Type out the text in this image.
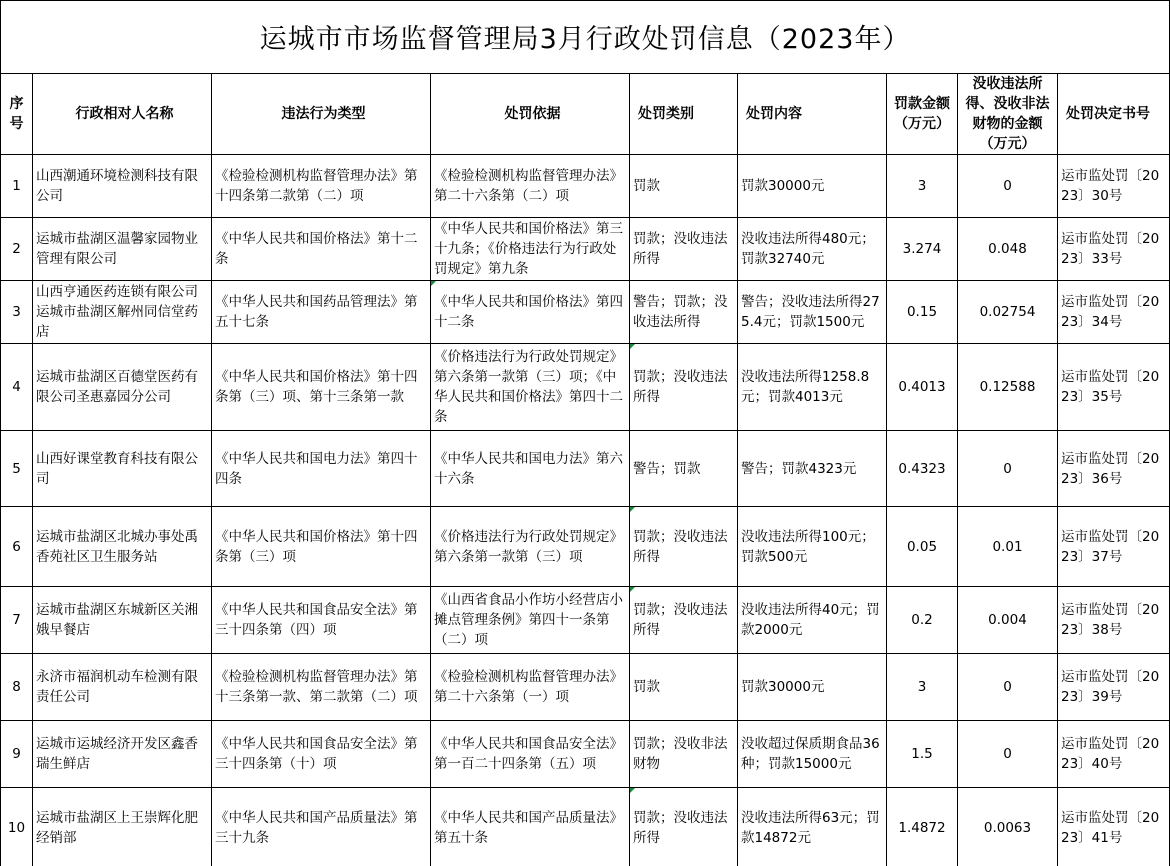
运城市市场监督管理局3月行政处罚信息（2023年）								
序号	行政相对人名称	违法行为类型	处罚依据	处罚类别	处罚内容	罚款金额（万元）	没收违法所得、没收非法财物的金额（万元）	处罚决定书号
1	山西潮通环境检测科技有限公司	《检验检测机构监督管理办法》第十四条第二款第（二）项	《检验检测机构监督管理办法》第二十六条第（二）项	罚款	罚款30000元	3	0	运市监处罚〔2023〕30号
2	运城市盐湖区温馨家园物业管理有限公司	《中华人民共和国价格法》第十二条	《中华人民共和国价格法》第三十九条；《价格违法行为行政处罚规定》第九条	罚款；没收违法所得	没收违法所得480元；罚款32740元	3.274	0.048	运市监处罚〔2023〕33号
3	山西亨通医药连锁有限公司运城市盐湖区解州同信堂药店	《中华人民共和国药品管理法》第五十七条	《中华人民共和国价格法》第四十二条	警告；罚款；没收违法所得	警告；没收违法所得275.4元；罚款1500元	0.15	0.02754	运市监处罚〔2023〕34号
4	运城市盐湖区百德堂医药有限公司圣惠嘉园分公司	《中华人民共和国价格法》第十四条第（三）项、第十三条第一款	《价格违法行为行政处罚规定》第六条第一款第（三）项；《中华人民共和国价格法》第四十二条	罚款；没收违法所得	没收违法所得1258.8元；罚款4013元	0.4013	0.12588	运市监处罚〔2023〕35号
5	山西好课堂教育科技有限公司	《中华人民共和国电力法》第四十四条	《中华人民共和国电力法》第六十六条	警告；罚款	警告；罚款4323元	0.4323	0	运市监处罚〔2023〕36号
6	运城市盐湖区北城办事处禹香苑社区卫生服务站	《中华人民共和国价格法》第十四条第（三）项	《价格违法行为行政处罚规定》第六条第一款第（三）项	罚款；没收违法所得	没收违法所得100元；罚款500元	0.05	0.01	运市监处罚〔2023〕37号
7	运城市盐湖区东城新区关湘娥早餐店	《中华人民共和国食品安全法》第三十四条第（四）项	《山西省食品小作坊小经营店小摊点管理条例》第四十一条第（二）项	罚款；没收违法所得	没收违法所得40元；罚款2000元	0.2	0.004	运市监处罚〔2023〕38号
8	永济市福润机动车检测有限责任公司	《检验检测机构监督管理办法》第十三条第一款、第二款第（二）项	《检验检测机构监督管理办法》第二十六条第（一）项	罚款	罚款30000元	3	0	运市监处罚〔2023〕39号
9	运城市运城经济开发区鑫香瑞生鲜店	《中华人民共和国食品安全法》第三十四条第（十）项	《中华人民共和国食品安全法》第一百二十四条第（五）项	罚款；没收非法财物	没收超过保质期食品36种；罚款15000元	1.5	0	运市监处罚〔2023〕40号
10	运城市盐湖区上王崇辉化肥经销部	《中华人民共和国产品质量法》第三十九条	《中华人民共和国产品质量法》第五十条	罚款；没收违法所得	没收违法所得63元；罚款14872元	1.4872	0.0063	运市监处罚〔2023〕41号
